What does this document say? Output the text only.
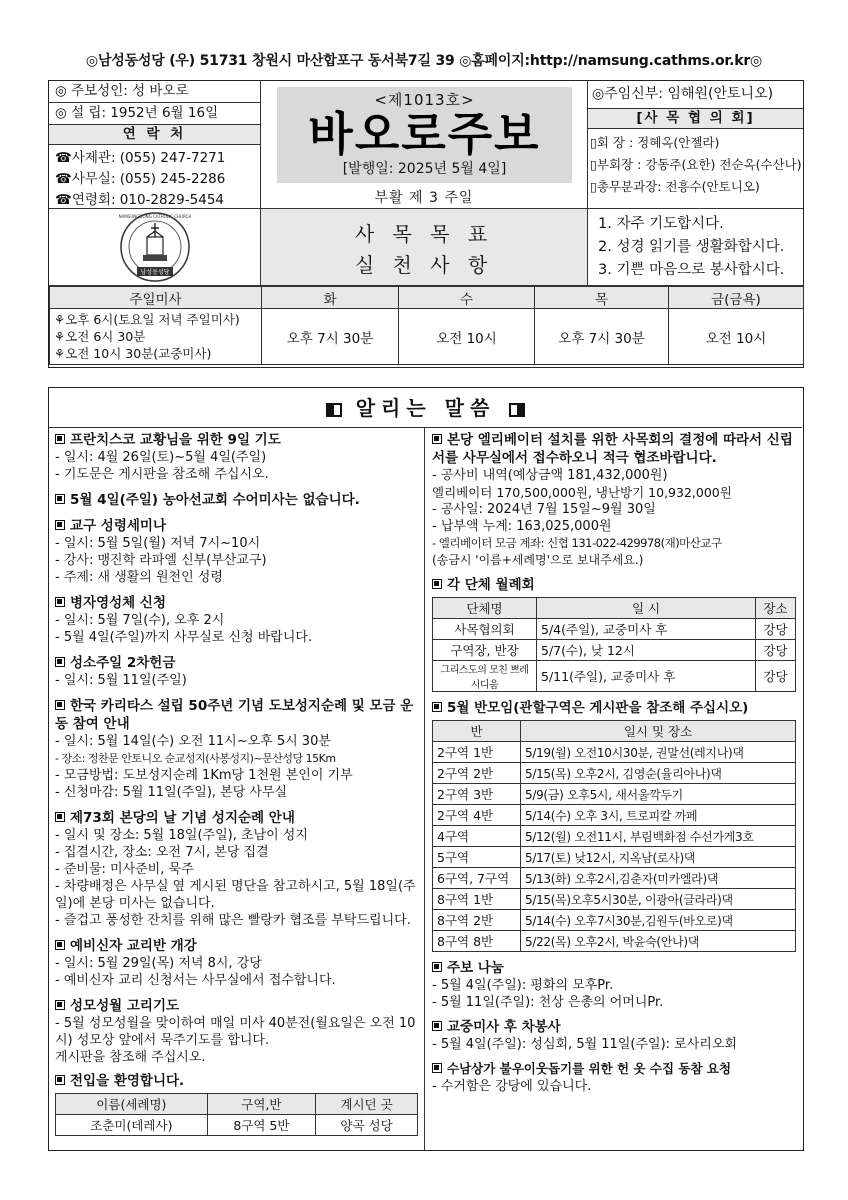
◎남성동성당 (우) 51731 창원시 마산합포구 동서북7길 39 ◎홈페이지:http://namsung.cathms.or.kr◎
◎ 주보성인: 성 바오로
◎ 설 립: 1952년 6월 16일
연 락 처
☎사제관: (055) 247-7271
☎사무실: (055) 245-2286
☎연령회: 010-2829-5454
<제1013호>
바오로주보
[발행일: 2025년 5월 4일]
부활 제 3 주일
◎주임신부: 임해원(안토니오)
[사 목 협 의 회]
▯회 장 : 정혜옥(안젤라)
▯부회장 : 강동주(요한) 전순옥(수산나)
▯총무분과장: 전흥수(안토니오)
NAMSUNGDONG CATHOLIC CHURCH
남성동성당
사 목 목 표
실 천 사 항
1. 자주 기도합시다.
2. 성경 읽기를 생활화합시다.
3. 기쁜 마음으로 봉사합시다.
주일미사	화	수	목	금(금욕)

⚘오후 6시(토요일 저녁 주일미사)
⚘오전 6시 30분
⚘오전 10시 30분(교중미사)	오후 7시 30분	오전 10시	오후 7시 30분	오전 10시
알리는 말씀
프란치스코 교황님을 위한 9일 기도
- 일시: 4월 26일(토)~5월 4일(주일)
- 기도문은 게시판을 참조해 주십시오.
5월 4일(주일) 농아선교회 수어미사는 없습니다.
교구 성령세미나
- 일시: 5월 5일(월) 저녁 7시~10시
- 강사: 맹진학 라파엘 신부(부산교구)
- 주제: 새 생활의 원천인 성령
병자영성체 신청
- 일시: 5월 7일(수), 오후 2시
- 5월 4일(주일)까지 사무실로 신청 바랍니다.
성소주일 2차헌금
- 일시: 5월 11일(주일)
한국 카리타스 설립 50주년 기념 도보성지순례 및 모금 운동 참여 안내
- 일시: 5월 14일(수) 오전 11시~오후 5시 30분
- 장소: 정찬문 안토니오 순교성지(사봉성지)~문산성당 15Km
- 모금방법: 도보성지순례 1Km당 1천원 본인이 기부
- 신청마감: 5월 11일(주일), 본당 사무실
제73회 본당의 날 기념 성지순례 안내
- 일시 및 장소: 5월 18일(주일), 초남이 성지
- 집결시간, 장소: 오전 7시, 본당 집결
- 준비물: 미사준비, 묵주
- 차량배정은 사무실 옆 게시된 명단을 참고하시고, 5월 18일(주일)에 본당 미사는 없습니다.
- 즐겁고 풍성한 잔치를 위해 많은 빨랑카 협조를 부탁드립니다.
예비신자 교리반 개강
- 일시: 5월 29일(목) 저녁 8시, 강당
- 예비신자 교리 신청서는 사무실에서 접수합니다.
성모성월 고리기도
- 5월 성모성월을 맞이하여 매일 미사 40분전(월요일은 오전 10시) 성모상 앞에서 묵주기도를 합니다.
게시판을 참조해 주십시오.
전입을 환영합니다.
이름(세례명)	구역,반	계시던 곳
조춘미(데레사)	8구역 5반	양곡 성당
본당 엘리베이터 설치를 위한 사목회의 결정에 따라서 신립서를 사무실에서 접수하오니 적극 협조바랍니다.
- 공사비 내역(예상금액 181,432,000원)
엘리베이터 170,500,000원, 냉난방기 10,932,000원
- 공사일: 2024년 7월 15일~9월 30일
- 납부액 누계: 163,025,000원
- 엘리베이터 모금 계좌: 신협 131-022-429978(재)마산교구
(송금시 '이름+세례명'으로 보내주세요.)
각 단체 월례회
단체명	일 시	장소
사목협의회	5/4(주일), 교중미사 후	강당
구역장, 반장	5/7(수), 낮 12시	강당
그리스도의 모친 쁘레시디움	5/11(주일), 교중미사 후	강당
5월 반모임(관할구역은 게시판을 참조해 주십시오)
반	일시 및 장소
2구역 1반	5/19(월) 오전10시30분, 권말선(레지나)댁
2구역 2반	5/15(목) 오후2시, 김영순(율리아나)댁
2구역 3반	5/9(금) 오후5시, 새서울깍두기
2구역 4반	5/14(수) 오후 3시, 트로피칼 까페
4구역	5/12(월) 오전11시, 부림백화점 수선가게3호
5구역	5/17(토) 낮12시, 지옥남(로사)댁
6구역, 7구역	5/13(화) 오후2시,김춘자(미카엘라)댁
8구역 1반	5/15(목)오후5시30분, 이광아(글라라)댁
8구역 2반	5/14(수) 오후7시30분,김원두(바오로)댁
8구역 8반	5/22(목) 오후2시, 박윤숙(안나)댁
주보 나눔
- 5월 4일(주일): 평화의 모후Pr.
- 5월 11일(주일): 천상 은총의 어머니Pr.
교중미사 후 차봉사
- 5월 4일(주일): 성심회, 5월 11일(주일): 로사리오회
수남상가 불우이웃돕기를 위한 헌 옷 수집 동참 요청
- 수거함은 강당에 있습니다.
